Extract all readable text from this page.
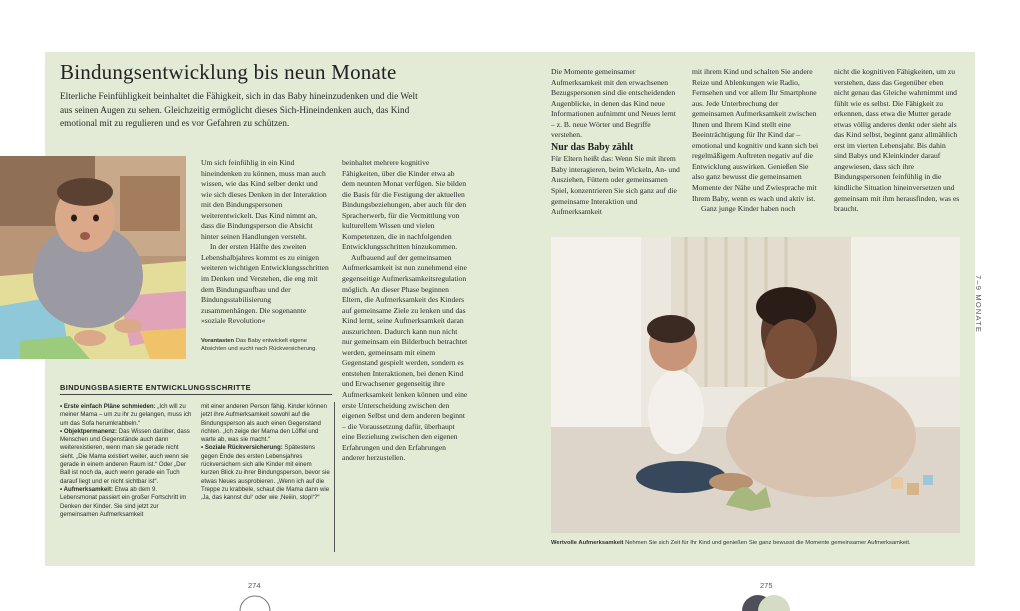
Bindungsentwicklung bis neun Monate
Elterliche Feinfühligkeit beinhaltet die Fähigkeit, sich in das Baby hineinzudenken und die Welt aus seinen Augen zu sehen. Gleichzeitig ermöglicht dieses Sich-Hineindenken auch, das Kind emotional mit zu regulieren und es vor Gefahren zu schützen.
Vorantasten Das Baby entwickelt eigene Absichten und sucht nach Rückversicherung.

Um sich feinfühlig in ein Kind hineindenken zu können, muss man auch wissen, wie das Kind selber denkt und wie sich dieses Denken in der Interaktion mit den Bindungspersonen weiterentwickelt. Das Kind nimmt an, dass die Bindungsperson die Absicht hinter seinen Handlungen versteht.

In der ersten Hälfte des zweiten Lebenshalbjahres kommt es zu einigen weiteren wichtigen Entwicklungsschritten im Denken und Verstehen, die eng mit dem Bindungsaufbau und der Bindungsstabilisierung zusammenhängen. Die sogenannte »soziale Revolution«

beinhaltet mehrere kognitive Fähigkeiten, über die Kinder etwa ab dem neunten Monat verfügen. Sie bilden die Basis für die Festigung der aktuellen Bindungsbeziehungen, aber auch für den Spracherwerb, für die Vermittlung von kulturellem Wissen und vielen Kompetenzen, die in nachfolgenden Entwicklungsschritten hinzukommen.

Aufbauend auf der gemeinsamen Aufmerksamkeit ist nun zunehmend eine gegenseitige Aufmerksamkeitsregulation möglich. An dieser Phase beginnen Eltern, die Aufmerksamkeit des Kinders auf gemeinsame Ziele zu lenken und das Kind lernt, seine Aufmerksamkeit daran auszurichten. Dadurch kann nun nicht nur gemeinsam ein Bilderbuch betrachtet werden, gemeinsam mit einem Gegenstand gespielt werden, sondern es entstehen Interaktionen, bei denen Kind und Erwachsener gegenseitig ihre Aufmerksamkeit lenken können und eine erste Unterscheidung zwischen den eigenen Selbst und dem anderen beginnt – die Voraussetzung dafür, überhaupt eine Beziehung zwischen den eigenen Erfahrungen und den Erfahrungen anderer herzustellen.

BINDUNGSBASIERTE ENTWICKLUNGSSCHRITTE

• Erste einfach Pläne schmieden: „Ich will zu meiner Mama – um zu ihr zu gelangen, muss ich um das Sofa herumkrabbeln.“

• Objektpermanenz: Das Wissen darüber, dass Menschen und Gegenstände auch dann weiterexistieren, wenn man sie gerade nicht sieht. „Die Mama existiert weiter, auch wenn sie gerade in einem anderen Raum ist.“ Oder „Der Ball ist noch da, auch wenn gerade ein Tuch darauf liegt und er nicht sichtbar ist“.

• Aufmerksamkeit: Etwa ab dem 9. Lebensmonat passiert ein großer Fortschritt im Denken der Kinder. Sie sind jetzt zur gemeinsamen Aufmerksamkeit

mit einer anderen Person fähig. Kinder können jetzt ihre Aufmerksamkeit sowohl auf die Bindungsperson als auch einen Gegenstand richten. „Ich zeige der Mama den Löffel und warte ab, was sie macht.“

• Soziale Rückversicherung: Spätestens gegen Ende des ersten Lebensjahres rückversichern sich alle Kinder mit einem kurzen Blick zu ihrer Bindungsperson, bevor sie etwas Neues ausprobieren. „Wenn ich auf die Treppe zu krabbele, schaut die Mama dann wie ‚Ja, das kannst du!‘ oder wie ‚Neiiin, stop!‘?“

Die Momente gemeinsamer Aufmerksamkeit mit den erwachsenen Bezugspersonen sind die entscheidenden Augenblicke, in denen das Kind neue Informationen aufnimmt und Neues lernt – z. B. neue Wörter und Begriffe verstehen.

Nur das Baby zählt

Für Eltern heißt das: Wenn Sie mit ihrem Baby interagieren, beim Wickeln, An- und Ausziehen, Füttern oder gemeinsamen Spiel, konzentrieren Sie sich ganz auf die gemeinsame Interaktion und Aufmerksamkeit

mit ihrem Kind und schalten Sie andere Reize und Ablenkungen wie Radio, Fernsehen und vor allem Ihr Smartphone aus. Jede Unterbrechung der gemeinsamen Aufmerksamkeit zwischen Ihnen und Ihrem Kind stellt eine Beeinträchtigung für Ihr Kind dar – emotional und kognitiv und kann sich bei regelmäßigem Auftreten negativ auf die Entwicklung auswirken. Genießen Sie also ganz bewusst die gemeinsamen Momente der Nähe und Zwiesprache mit Ihrem Baby, wenn es wach und aktiv ist.

Ganz junge Kinder haben noch

nicht die kognitiven Fähigkeiten, um zu verstehen, dass das Gegenüber eben nicht genau das Gleiche wahrnimmt und fühlt wie es selbst. Die Fähigkeit zu erkennen, dass etwa die Mutter gerade etwas völlig anderes denkt oder sieht als das Kind selbst, beginnt ganz allmählich erst im vierten Lebensjahr. Bis dahin sind Babys und Kleinkinder darauf angewiesen, dass sich ihre Bindungspersonen feinfühlig in die kindliche Situation hineinversetzen und gemeinsam mit ihm herausfinden, was es braucht.

Wertvolle Aufmerksamkeit Nehmen Sie sich Zeit für Ihr Kind und genießen Sie ganz bewusst die Momente gemeinsamer Aufmerksamkeit.
7–9 MONATE
274	275
